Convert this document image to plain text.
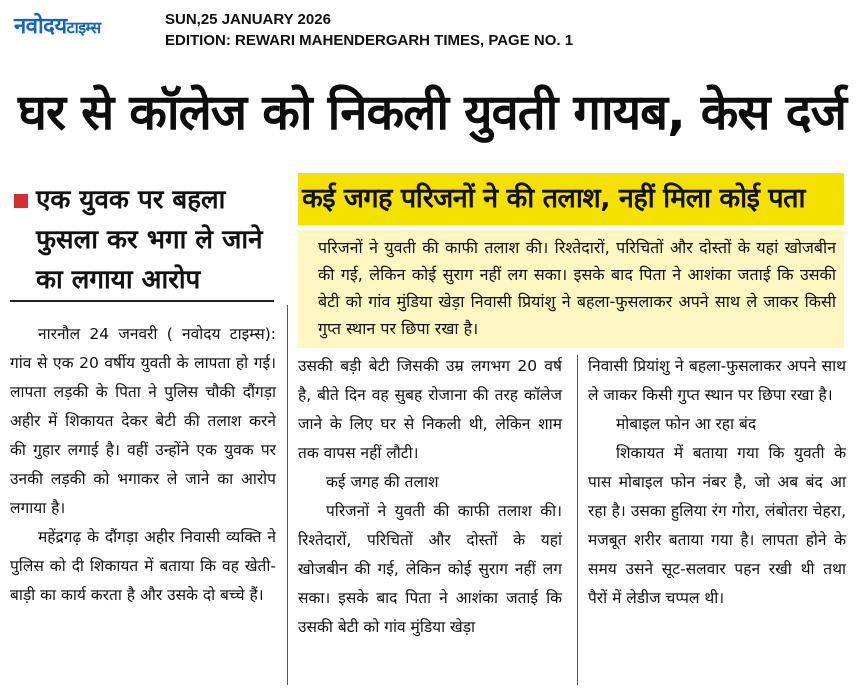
नवोदयटाइम्स	SUN,25 JANUARY 2026
EDITION: REWARI MAHENDERGARH TIMES, PAGE NO. 1
घर से कॉलेज को निकली युवती गायब, केस दर्ज
एक युवक पर बहला फुसला कर भगा ले जाने का लगाया आरोप
कई जगह परिजनों ने की तलाश, नहीं मिला कोई पता
परिजनों ने युवती की काफी तलाश की। रिश्तेदारों, परिचितों और दोस्तों के यहां खोजबीन की गई, लेकिन कोई सुराग नहीं लग सका। इसके बाद पिता ने आशंका जताई कि उसकी बेटी को गांव मुंडिया खेड़ा निवासी प्रियांशु ने बहला-फुसलाकर अपने साथ ले जाकर किसी गुप्त स्थान पर छिपा रखा है।

नारनौल 24 जनवरी ( नवोदय टाइम्स): गांव से एक 20 वर्षीय युवती के लापता हो गई। लापता लड़की के पिता ने पुलिस चौकी दौंगड़ा अहीर में शिकायत देकर बेटी की तलाश करने की गुहार लगाई है। वहीं उन्होंने एक युवक पर उनकी लड़की को भगाकर ले जाने का आरोप लगाया है।

महेंद्रगढ़ के दौंगड़ा अहीर निवासी व्यक्ति ने पुलिस को दी शिकायत में बताया कि वह खेती-बाड़ी का कार्य करता है और उसके दो बच्चे हैं।

उसकी बड़ी बेटी जिसकी उम्र लगभग 20 वर्ष है, बीते दिन वह सुबह रोजाना की तरह कॉलेज जाने के लिए घर से निकली थी, लेकिन शाम तक वापस नहीं लौटी।

कई जगह की तलाश

परिजनों ने युवती की काफी तलाश की। रिश्तेदारों, परिचितों और दोस्तों के यहां खोजबीन की गई, लेकिन कोई सुराग नहीं लग सका। इसके बाद पिता ने आशंका जताई कि उसकी बेटी को गांव मुंडिया खेड़ा

निवासी प्रियांशु ने बहला-फुसलाकर अपने साथ ले जाकर किसी गुप्त स्थान पर छिपा रखा है।

मोबाइल फोन आ रहा बंद

शिकायत में बताया गया कि युवती के पास मोबाइल फोन नंबर है, जो अब बंद आ रहा है। उसका हुलिया रंग गोरा, लंबोतरा चेहरा, मजबूत शरीर बताया गया है। लापता होने के समय उसने सूट-सलवार पहन रखी थी तथा पैरों में लेडीज चप्पल थी।
